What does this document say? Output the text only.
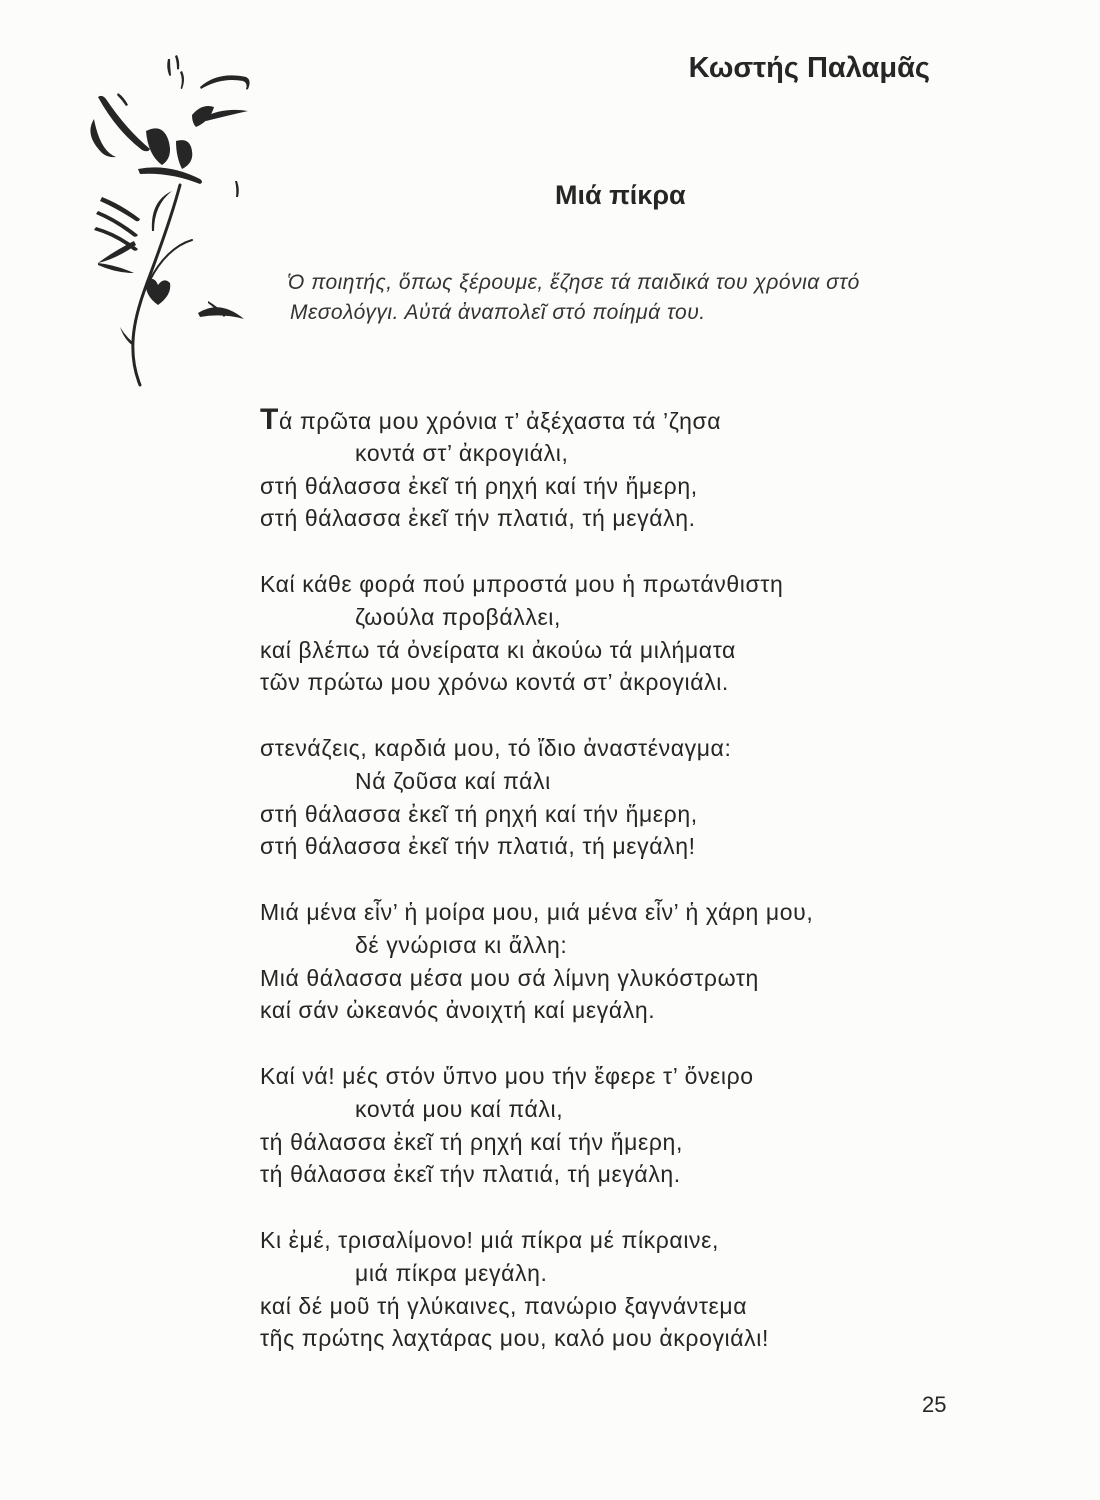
Κωστής Παλαμᾶς
Μιά πίκρα
Ὁ ποιητής, ὅπως ξέρουμε, ἔζησε τά παιδικά του χρόνια στό
Μεσολόγγι. Αὐτά ἀναπολεῖ στό ποίημά του.
Τά πρῶτα μου χρόνια τ’ ἀξέχαστα τά ’ζησα
κοντά στ’ ἀκρογιάλι,
στή θάλασσα ἐκεῖ τή ρηχή καί τήν ἥμερη,
στή θάλασσα ἐκεῖ τήν πλατιά, τή μεγάλη.
Καί κάθε φορά πού μπροστά μου ἡ πρωτάνθιστη
ζωούλα προβάλλει,
καί βλέπω τά ὀνείρατα κι ἀκούω τά μιλήματα
τῶν πρώτω μου χρόνω κοντά στ’ ἀκρογιάλι.
στενάζεις, καρδιά μου, τό ἴδιο ἀναστέναγμα:
Νά ζοῦσα καί πάλι
στή θάλασσα ἐκεῖ τή ρηχή καί τήν ἥμερη,
στή θάλασσα ἐκεῖ τήν πλατιά, τή μεγάλη!
Μιά μένα εἶν’ ἡ μοίρα μου, μιά μένα εἶν’ ἡ χάρη μου,
δέ γνώρισα κι ἄλλη:
Μιά θάλασσα μέσα μου σά λίμνη γλυκόστρωτη
καί σάν ὠκεανός ἀνοιχτή καί μεγάλη.
Καί νά! μές στόν ὕπνο μου τήν ἔφερε τ’ ὄνειρο
κοντά μου καί πάλι,
τή θάλασσα ἐκεῖ τή ρηχή καί τήν ἥμερη,
τή θάλασσα ἐκεῖ τήν πλατιά, τή μεγάλη.
Κι ἐμέ, τρισαλίμονο! μιά πίκρα μέ πίκραινε,
μιά πίκρα μεγάλη.
καί δέ μοῦ τή γλύκαινες, πανώριο ξαγνάντεμα
τῆς πρώτης λαχτάρας μου, καλό μου ἀκρογιάλι!
25
